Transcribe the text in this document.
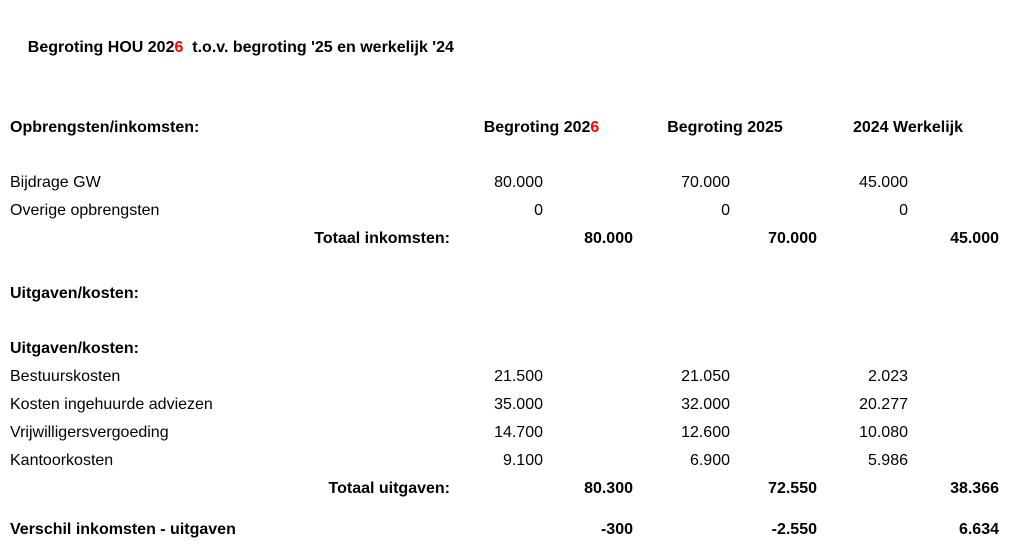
Begroting HOU 2026  t.o.v. begroting '25 en werkelijk '24

Opbrengsten/inkomsten:	Begroting 2026	Begroting 2025	2024 Werkelijk
Bijdrage GW	80.000	70.000	45.000
Overige opbrengsten	0	0	0
Totaal inkomsten:	80.000	70.000	45.000
Uitgaven/kosten:
Uitgaven/kosten:
Bestuurskosten	21.500	21.050	2.023
Kosten ingehuurde adviezen	35.000	32.000	20.277
Vrijwilligersvergoeding	14.700	12.600	10.080
Kantoorkosten	9.100	6.900	5.986
Totaal uitgaven:	80.300	72.550	38.366
Verschil inkomsten - uitgaven	-300	-2.550	6.634
